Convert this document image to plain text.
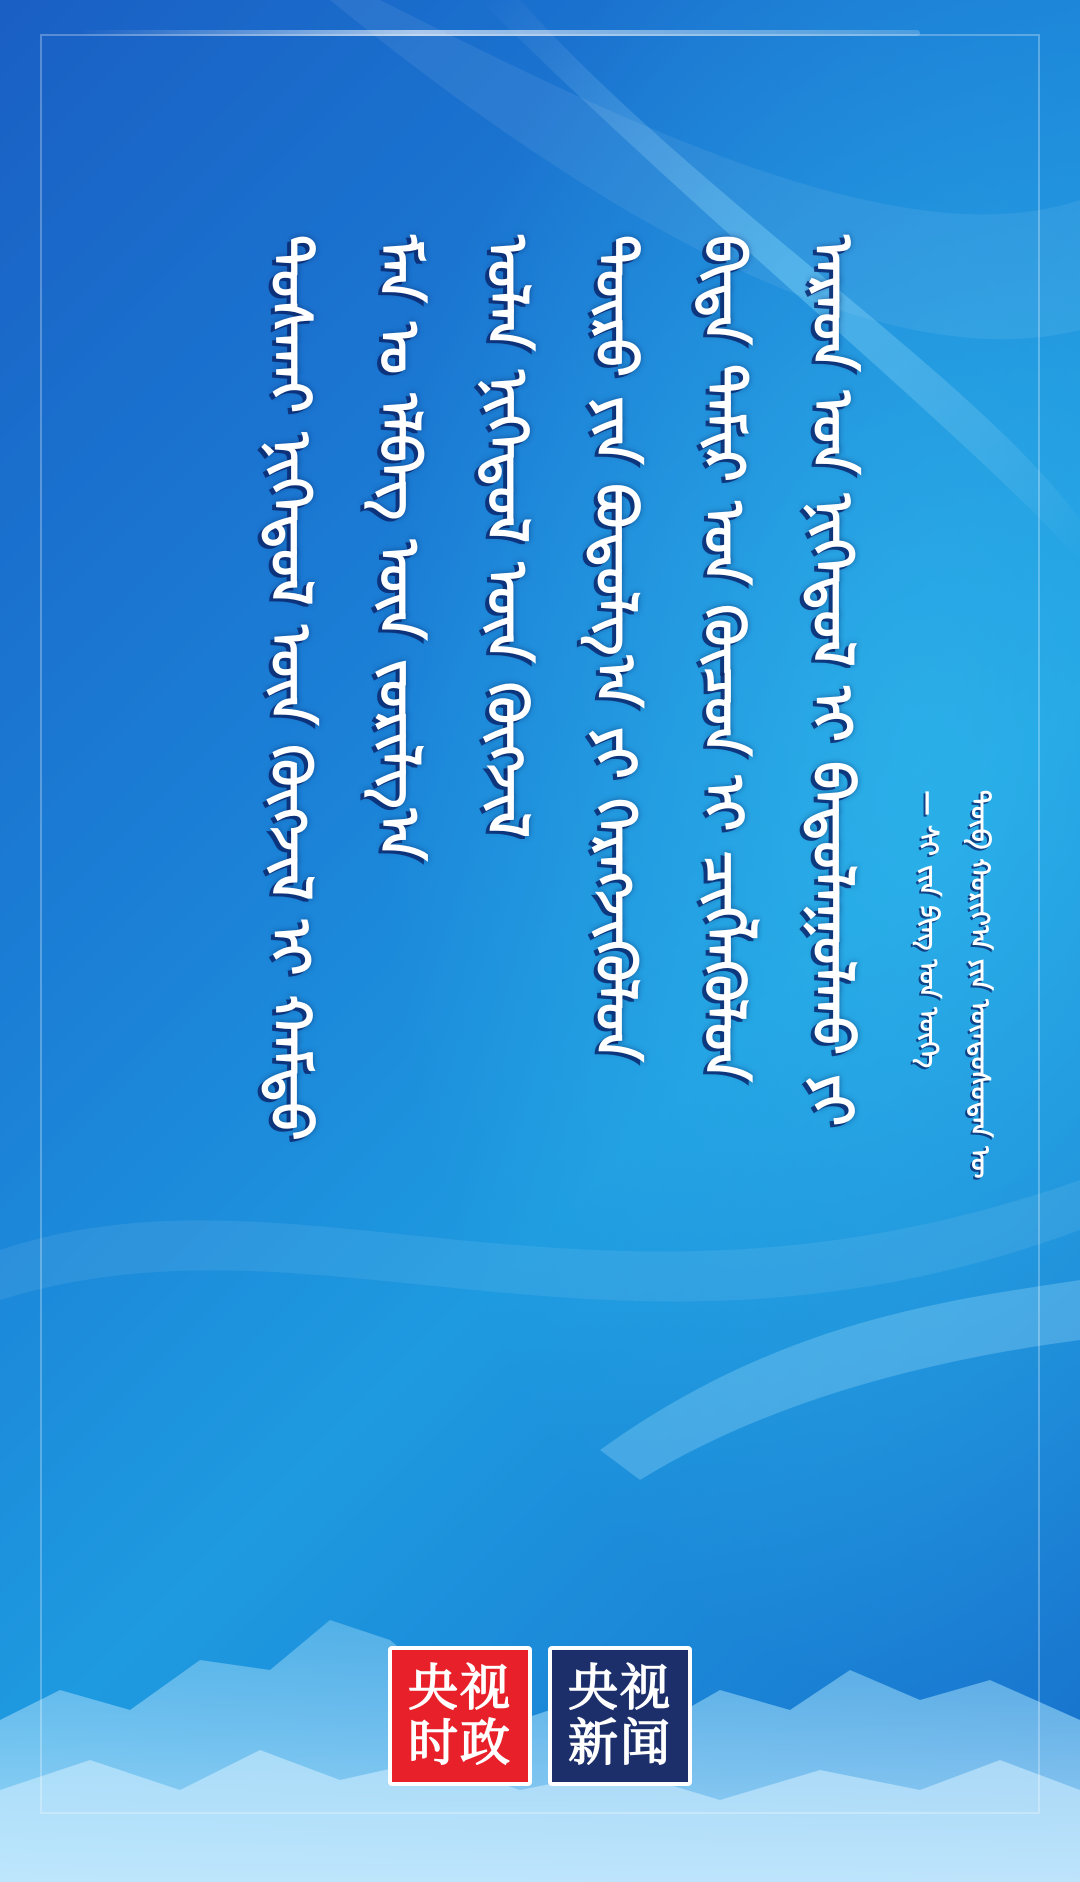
ᠲᠤᠰᠬᠠᠢ ᠨᠢᠭᠡᠳᠦᠯ ᠦᠨ ᠬᠥᠭᠵᠢᠯ ᠢ ᠬᠠᠮᠲᠤ ᠮᠠᠨ ᠤ ᠡᠯᠪᠡᠭ ᠦᠨ ᠵᠣᠷᠢᠯᠭ᠎ᠠ ᠣᠯᠠᠨ ᠨᠢᠭᠡᠳᠦᠯ ᠦᠨ ᠬᠥᠭᠵᠢᠯ ᠲᠥᠷᠥ ᠶᠢᠨ ᠪᠣᠳᠤᠯᠭ᠎ᠠ ᠶᠢ ᠬᠡᠷᠡᠭᠵᠢᠭᠦᠯᠦᠨ ᠪᠢᠳᠡ ᠲᠠᠮᠢᠷ ᠤᠨ ᠬᠦᠴᠦᠨ ᠢ ᠴᠢᠭᠯᠡᠭᠦᠯᠦᠨ ᠠᠷᠠᠳ ᠤᠨ ᠨᠢᠭᠡᠳᠦᠯ ᠢ ᠪᠠᠲᠤᠯᠠᠭᠤᠯᠬᠤ ᠶᠢ — ᠰᠢ ᠵᠢᠨ ᠫᠢᠩ ᠤᠨ ᠦᠭᠡ ᠲᠥᠪ ᠬᠣᠷᠢᠶ᠎ᠠ ᠶᠢᠨ ᠦᠨᠳᠦᠰᠦᠲᠡᠨ ᠦ
央视
时政
央视
新闻
